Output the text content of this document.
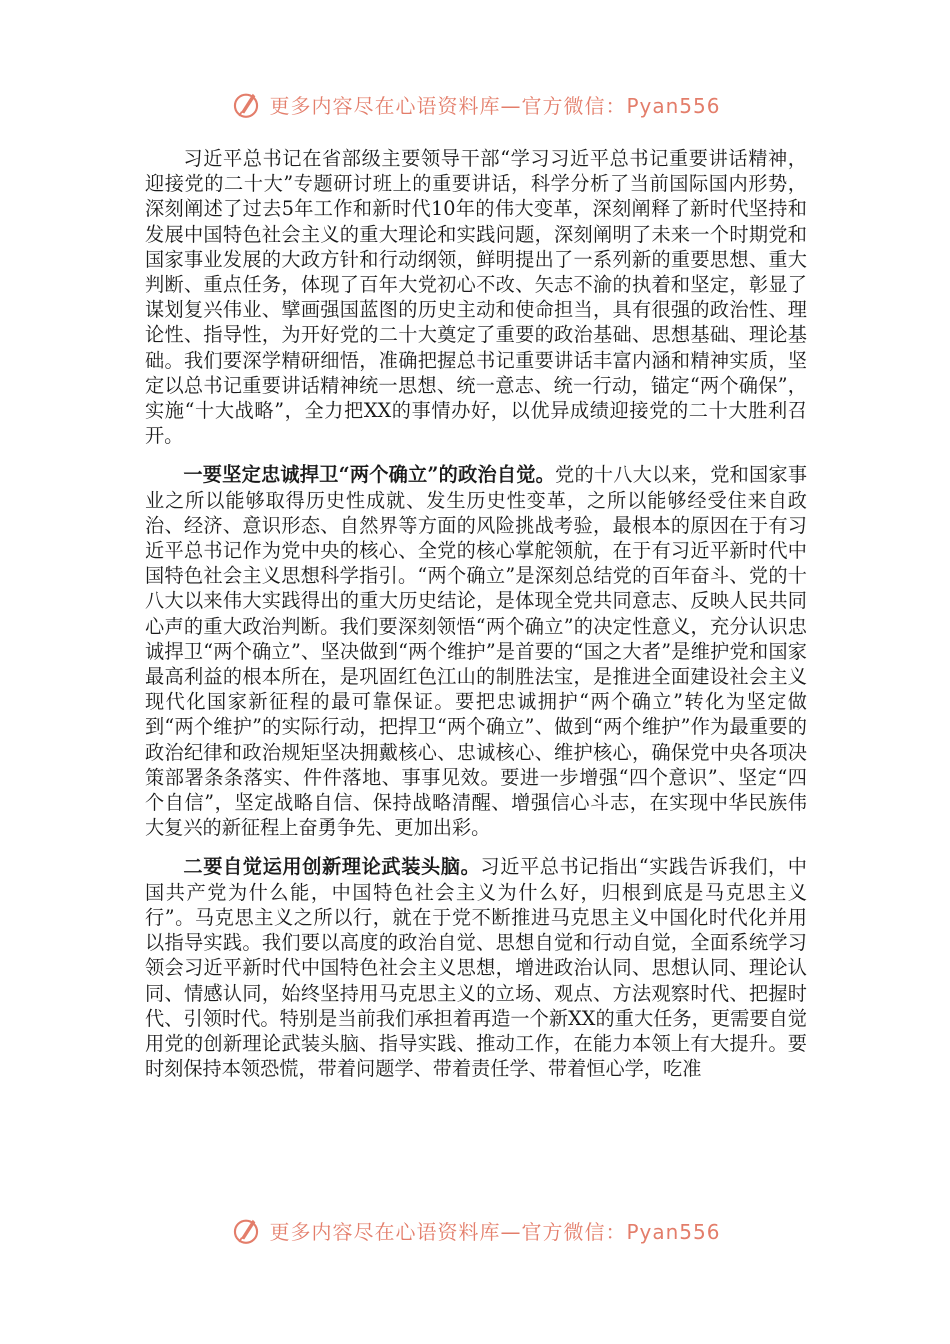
更多内容尽在心语资料库—官方微信：Pyan556

习近平总书记在省部级主要领导干部“学习习近平总书记重要讲话精神，迎接党的二十大”专题研讨班上的重要讲话，科学分析了当前国际国内形势，深刻阐述了过去5年工作和新时代10年的伟大变革，深刻阐释了新时代坚持和发展中国特色社会主义的重大理论和实践问题，深刻阐明了未来一个时期党和国家事业发展的大政方针和行动纲领，鲜明提出了一系列新的重要思想、重大判断、重点任务，体现了百年大党初心不改、矢志不渝的执着和坚定，彰显了谋划复兴伟业、擘画强国蓝图的历史主动和使命担当，具有很强的政治性、理论性、指导性，为开好党的二十大奠定了重要的政治基础、思想基础、理论基础。我们要深学精研细悟，准确把握总书记重要讲话丰富内涵和精神实质，坚定以总书记重要讲话精神统一思想、统一意志、统一行动，锚定“两个确保”，实施“十大战略”，全力把XX的事情办好，以优异成绩迎接党的二十大胜利召开。

一要坚定忠诚捍卫“两个确立”的政治自觉。党的十八大以来，党和国家事业之所以能够取得历史性成就、发生历史性变革，之所以能够经受住来自政治、经济、意识形态、自然界等方面的风险挑战考验，最根本的原因在于有习近平总书记作为党中央的核心、全党的核心掌舵领航，在于有习近平新时代中国特色社会主义思想科学指引。“两个确立”是深刻总结党的百年奋斗、党的十八大以来伟大实践得出的重大历史结论，是体现全党共同意志、反映人民共同心声的重大政治判断。我们要深刻领悟“两个确立”的决定性意义，充分认识忠诚捍卫“两个确立”、坚决做到“两个维护”是首要的“国之大者”是维护党和国家最高利益的根本所在，是巩固红色江山的制胜法宝，是推进全面建设社会主义现代化国家新征程的最可靠保证。要把忠诚拥护“两个确立”转化为坚定做到“两个维护”的实际行动，把捍卫“两个确立”、做到“两个维护”作为最重要的政治纪律和政治规矩坚决拥戴核心、忠诚核心、维护核心，确保党中央各项决策部署条条落实、件件落地、事事见效。要进一步增强“四个意识”、坚定“四个自信”，坚定战略自信、保持战略清醒、增强信心斗志，在实现中华民族伟大复兴的新征程上奋勇争先、更加出彩。

二要自觉运用创新理论武装头脑。习近平总书记指出“实践告诉我们，中国共产党为什么能，中国特色社会主义为什么好，归根到底是马克思主义行”。马克思主义之所以行，就在于党不断推进马克思主义中国化时代化并用以指导实践。我们要以高度的政治自觉、思想自觉和行动自觉，全面系统学习领会习近平新时代中国特色社会主义思想，增进政治认同、思想认同、理论认同、情感认同，始终坚持用马克思主义的立场、观点、方法观察时代、把握时代、引领时代。特别是当前我们承担着再造一个新XX的重大任务，更需要自觉用党的创新理论武装头脑、指导实践、推动工作，在能力本领上有大提升。要时刻保持本领恐慌，带着问题学、带着责任学、带着恒心学，吃准

更多内容尽在心语资料库—官方微信：Pyan556
